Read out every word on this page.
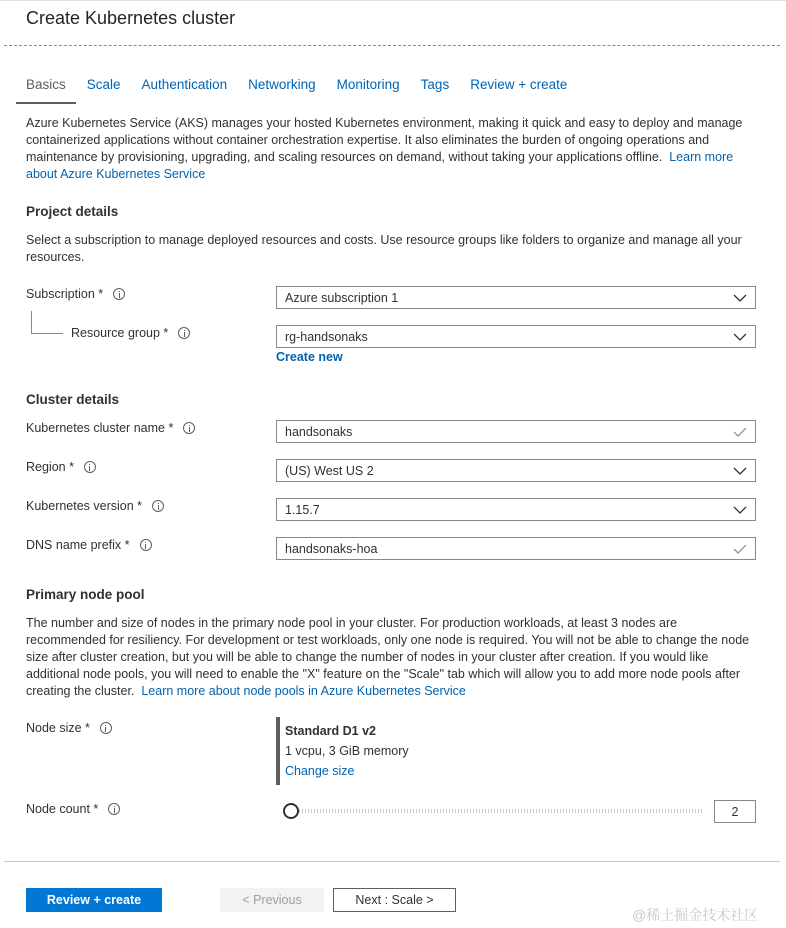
Create Kubernetes cluster
Basics Scale Authentication Networking Monitoring Tags Review + create
Azure Kubernetes Service (AKS) manages your hosted Kubernetes environment, making it quick and easy to deploy and manage containerized applications without container orchestration expertise. It also eliminates the burden of ongoing operations and maintenance by provisioning, upgrading, and scaling resources on demand, without taking your applications offline. Learn more about Azure Kubernetes Service
Project details
Select a subscription to manage deployed resources and costs. Use resource groups like folders to organize and manage all your resources.
Subscription *	Azure subscription 1
Resource group *	rg-handsonaks
Create new
Cluster details
Kubernetes cluster name *	handsonaks
Region *	(US) West US 2
Kubernetes version *	1.15.7
DNS name prefix *	handsonaks-hoa
Primary node pool
The number and size of nodes in the primary node pool in your cluster. For production workloads, at least 3 nodes are recommended for resiliency. For development or test workloads, only one node is required. You will not be able to change the node size after cluster creation, but you will be able to change the number of nodes in your cluster after creation. If you would like additional node pools, you will need to enable the "X" feature on the "Scale" tab which will allow you to add more node pools after creating the cluster. Learn more about node pools in Azure Kubernetes Service
Node size *	Standard D1 v2
1 vcpu, 3 GiB memory
Change size
Node count *	2
Review + create	< Previous	Next : Scale >
@稀土掘金技术社区
